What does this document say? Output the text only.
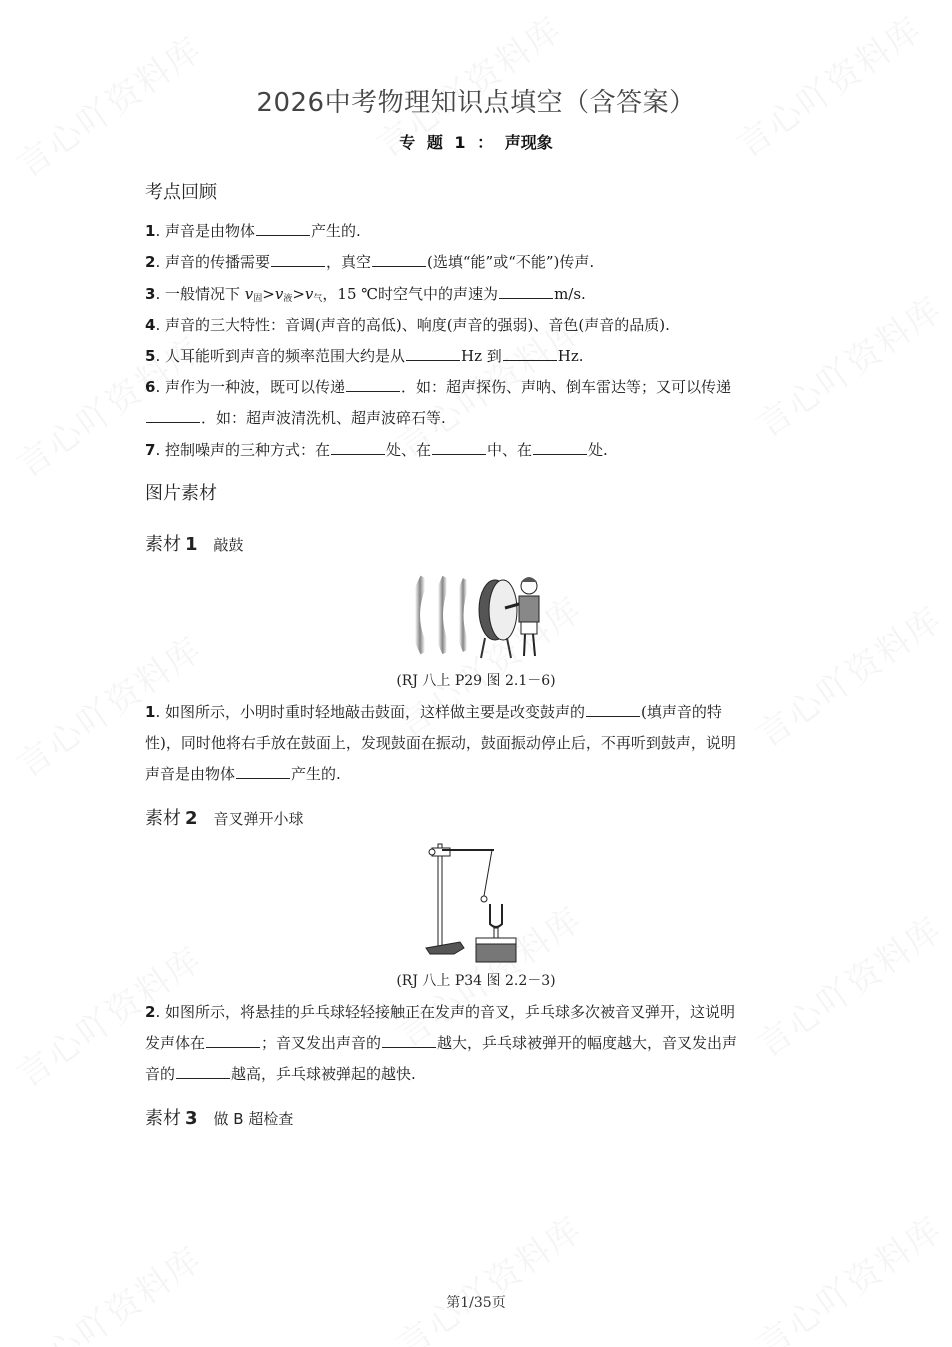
2026中考物理知识点填空（含答案）
专 题 1 ： 声现象
考点回顾
1. 声音是由物体	产生的.
2. 声音的传播需要	，真空	(选填“能”或“不能”)传声.
3. 一般情况下 v固>v液>v气，15 ℃时空气中的声速为	m/s.
4. 声音的三大特性：音调(声音的高低)、响度(声音的强弱)、音色(声音的品质).
5. 人耳能听到声音的频率范围大约是从	Hz 到	Hz.
6. 声作为一种波，既可以传递	．如：超声探伤、声呐、倒车雷达等；又可以传递
．如：超声波清洗机、超声波碎石等.
7. 控制噪声的三种方式：在	处、在	中、在	处.
图片素材
素材 1 敲鼓
(RJ 八上 P29 图 2.1－6)
1. 如图所示，小明时重时轻地敲击鼓面，这样做主要是改变鼓声的	(填声音的特
性)，同时他将右手放在鼓面上，发现鼓面在振动，鼓面振动停止后，不再听到鼓声，说明
声音是由物体	产生的.
素材 2 音叉弹开小球
(RJ 八上 P34 图 2.2－3)
2. 如图所示，将悬挂的乒乓球轻轻接触正在发声的音叉，乒乓球多次被音叉弹开，这说明
发声体在	；音叉发出声音的	越大，乒乓球被弹开的幅度越大，音叉发出声
音的	越高，乒乓球被弹起的越快.
素材 3 做 B 超检查
第1/35页
